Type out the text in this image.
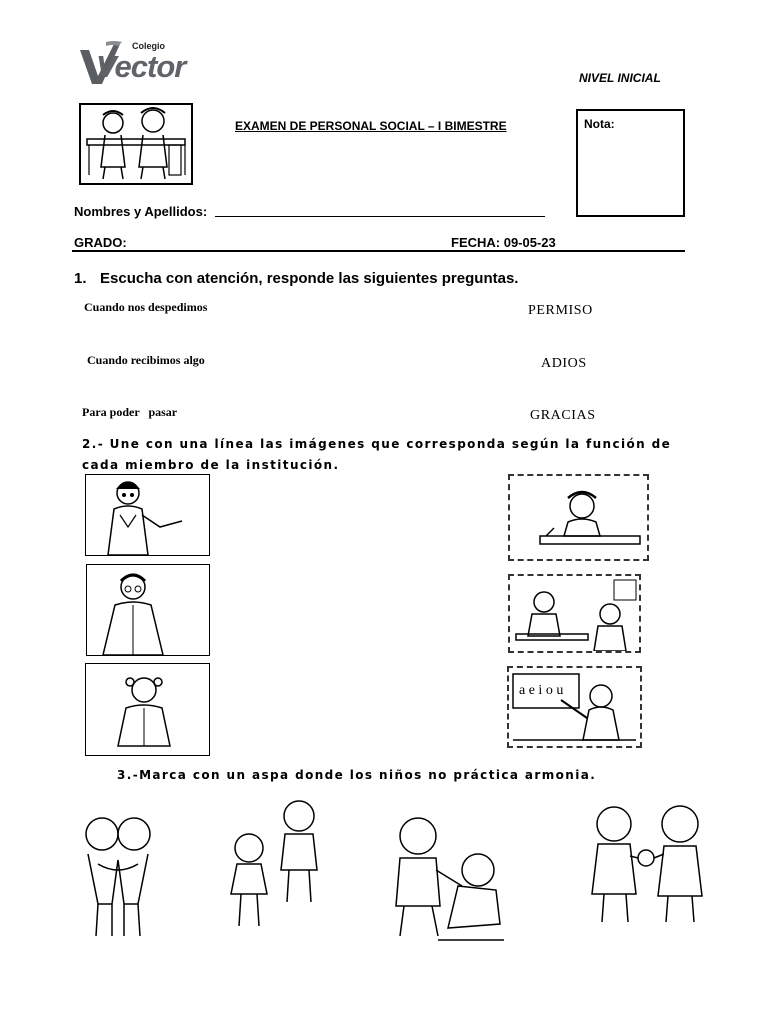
Colegio
Vector	NIVEL INICIAL
EXAMEN DE PERSONAL SOCIAL – I BIMESTRE	Nota:
Nombres y Apellidos:
GRADO:	FECHA: 09-05-23
1. Escucha con atención, responde las siguientes preguntas.
Cuando nos despedimos
Cuando recibimos algo
Para poder   pasar
PERMISO
ADIOS
GRACIAS
2.- Une con una línea las imágenes que corresponda según la función de cada miembro de la institución.
a e i o u
3.-Marca con un aspa donde los niños no práctica armonia.
